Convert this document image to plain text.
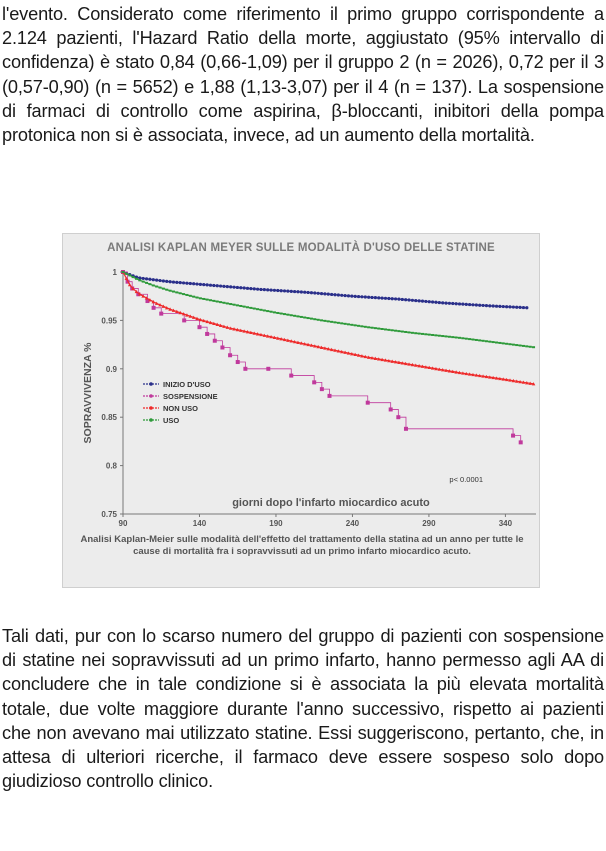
l'evento. Considerato come riferimento il primo gruppo corrispondente a 2.124 pazienti, l'Hazard Ratio della morte, aggiustato (95% intervallo di confidenza) è stato 0,84 (0,66-1,09) per il gruppo 2 (n = 2026), 0,72 per il 3 (0,57-0,90) (n = 5652) e 1,88 (1,13-3,07) per il 4 (n = 137). La sospensione di farmaci di controllo come aspirina, β-bloccanti, inibitori della pompa protonica non si è associata, invece, ad un aumento della mortalità.
ANALISI KAPLAN MEYER SULLE MODALITÀ D'USO DELLE STATINE
0.75
0.8
0.85
0.9
0.95
1
90	140	190	240	290	340
giorni dopo l'infarto miocardico acuto
SOPRAVVIVENZA %
p< 0.0001
INIZIO D'USO
SOSPENSIONE
NON USO
USO
Analisi Kaplan-Meier sulle modalità dell'effetto del trattamento della statina ad un anno per tutte le cause di mortalità fra i sopravvissuti ad un primo infarto miocardico acuto.
Tali dati, pur con lo scarso numero del gruppo di pazienti con sospensione di statine nei sopravvissuti ad un primo infarto, hanno permesso agli AA di concludere che in tale condizione si è associata la più elevata mortalità totale, due volte maggiore durante l'anno successivo, rispetto ai pazienti che non avevano mai utilizzato statine. Essi suggeriscono, pertanto, che, in attesa di ulteriori ricerche, il farmaco deve essere sospeso solo dopo giudizioso controllo clinico.
